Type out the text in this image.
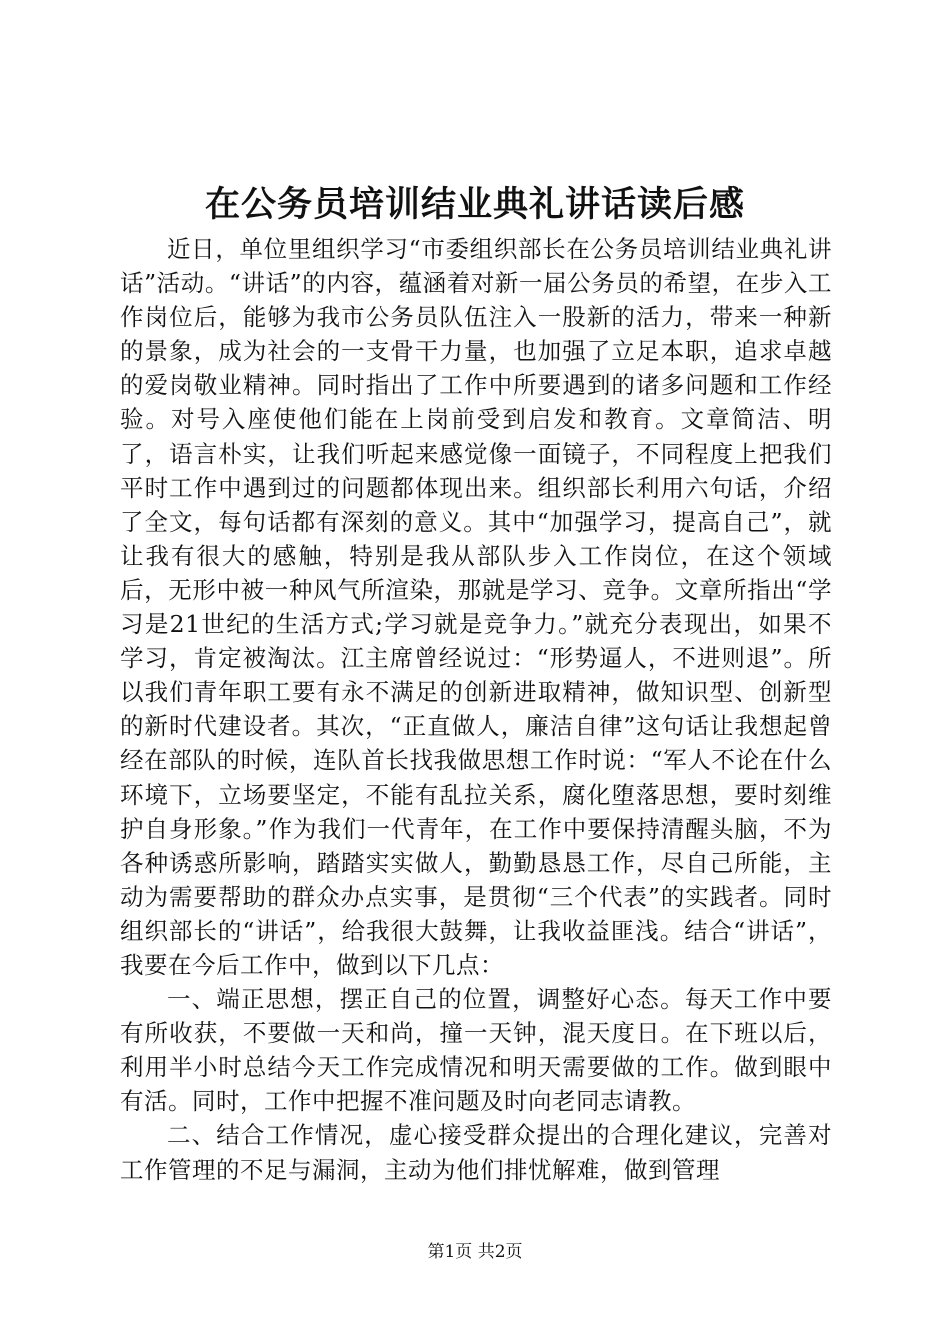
在公务员培训结业典礼讲话读后感

近日，单位里组织学习“市委组织部长在公务员培训结业典礼讲话”活动。“讲话”的内容，蕴涵着对新一届公务员的希望，在步入工作岗位后，能够为我市公务员队伍注入一股新的活力，带来一种新的景象，成为社会的一支骨干力量，也加强了立足本职，追求卓越的爱岗敬业精神。同时指出了工作中所要遇到的诸多问题和工作经验。对号入座使他们能在上岗前受到启发和教育。文章简洁、明了，语言朴实，让我们听起来感觉像一面镜子，不同程度上把我们平时工作中遇到过的问题都体现出来。组织部长利用六句话，介绍了全文，每句话都有深刻的意义。其中“加强学习，提高自己”，就让我有很大的感触，特别是我从部队步入工作岗位，在这个领域后，无形中被一种风气所渲染，那就是学习、竞争。文章所指出“学习是21世纪的生活方式;学习就是竞争力。”就充分表现出，如果不学习，肯定被淘汰。江主席曾经说过：“形势逼人，不进则退”。所以我们青年职工要有永不满足的创新进取精神，做知识型、创新型的新时代建设者。其次，“正直做人，廉洁自律”这句话让我想起曾经在部队的时候，连队首长找我做思想工作时说：“军人不论在什么环境下，立场要坚定，不能有乱拉关系，腐化堕落思想，要时刻维护自身形象。”作为我们一代青年，在工作中要保持清醒头脑，不为各种诱惑所影响，踏踏实实做人，勤勤恳恳工作，尽自己所能，主动为需要帮助的群众办点实事，是贯彻“三个代表”的实践者。同时组织部长的“讲话”，给我很大鼓舞，让我收益匪浅。结合“讲话”，我要在今后工作中，做到以下几点：

一、端正思想，摆正自己的位置，调整好心态。每天工作中要有所收获，不要做一天和尚，撞一天钟，混天度日。在下班以后，利用半小时总结今天工作完成情况和明天需要做的工作。做到眼中有活。同时，工作中把握不准问题及时向老同志请教。

二、结合工作情况，虚心接受群众提出的合理化建议，完善对工作管理的不足与漏洞，主动为他们排忧解难，做到管理

第1页 共2页
